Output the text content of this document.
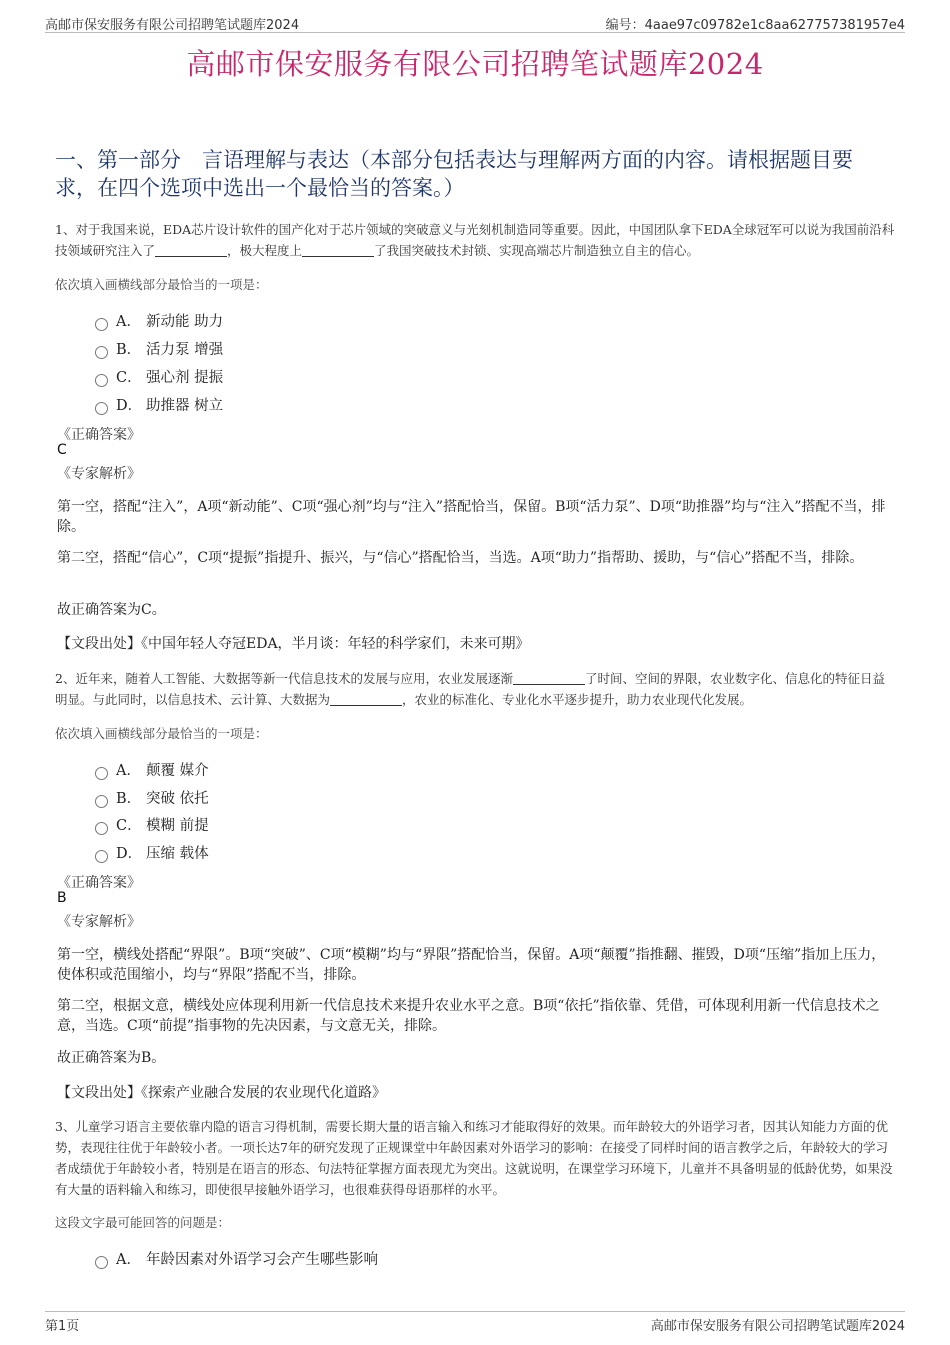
高邮市保安服务有限公司招聘笔试题库2024	编号：4aae97c09782e1c8aa627757381957e4
高邮市保安服务有限公司招聘笔试题库2024
一、第一部分　言语理解与表达（本部分包括表达与理解两方面的内容。请根据题目要求，在四个选项中选出一个最恰当的答案。）
1、对于我国来说，EDA芯片设计软件的国产化对于芯片领域的突破意义与光刻机制造同等重要。因此，中国团队拿下EDA全球冠军可以说为我国前沿科技领域研究注入了	，极大程度上	了我国突破技术封锁、实现高端芯片制造独立自主的信心。
依次填入画横线部分最恰当的一项是：
A． 新动能 助力
B． 活力泵 增强
C． 强心剂 提振
D． 助推器 树立
《正确答案》
C
《专家解析》
第一空，搭配“注入”，A项“新动能”、C项“强心剂”均与“注入”搭配恰当，保留。B项“活力泵”、D项“助推器”均与“注入”搭配不当，排除。
第二空，搭配“信心”，C项“提振”指提升、振兴，与“信心”搭配恰当，当选。A项“助力”指帮助、援助，与“信心”搭配不当，排除。
故正确答案为C。
【文段出处】《中国年轻人夺冠EDA，半月谈：年轻的科学家们，未来可期》
2、近年来，随着人工智能、大数据等新一代信息技术的发展与应用，农业发展逐渐	了时间、空间的界限，农业数字化、信息化的特征日益明显。与此同时，以信息技术、云计算、大数据为	，农业的标准化、专业化水平逐步提升，助力农业现代化发展。
依次填入画横线部分最恰当的一项是：
A． 颠覆 媒介
B． 突破 依托
C． 模糊 前提
D． 压缩 载体
《正确答案》
B
《专家解析》
第一空，横线处搭配“界限”。B项“突破”、C项“模糊”均与“界限”搭配恰当，保留。A项“颠覆”指推翻、摧毁，D项“压缩”指加上压力，使体积或范围缩小，均与“界限”搭配不当，排除。
第二空，根据文意，横线处应体现利用新一代信息技术来提升农业水平之意。B项“依托”指依靠、凭借，可体现利用新一代信息技术之意，当选。C项“前提”指事物的先决因素，与文意无关，排除。
故正确答案为B。
【文段出处】《探索产业融合发展的农业现代化道路》
3、儿童学习语言主要依靠内隐的语言习得机制，需要长期大量的语言输入和练习才能取得好的效果。而年龄较大的外语学习者，因其认知能力方面的优势，表现往往优于年龄较小者。一项长达7年的研究发现了正规课堂中年龄因素对外语学习的影响：在接受了同样时间的语言教学之后，年龄较大的学习者成绩优于年龄较小者，特别是在语言的形态、句法特征掌握方面表现尤为突出。这就说明，在课堂学习环境下，儿童并不具备明显的低龄优势，如果没有大量的语料输入和练习，即使很早接触外语学习，也很难获得母语那样的水平。
这段文字最可能回答的问题是：
A． 年龄因素对外语学习会产生哪些影响
第1页	高邮市保安服务有限公司招聘笔试题库2024
